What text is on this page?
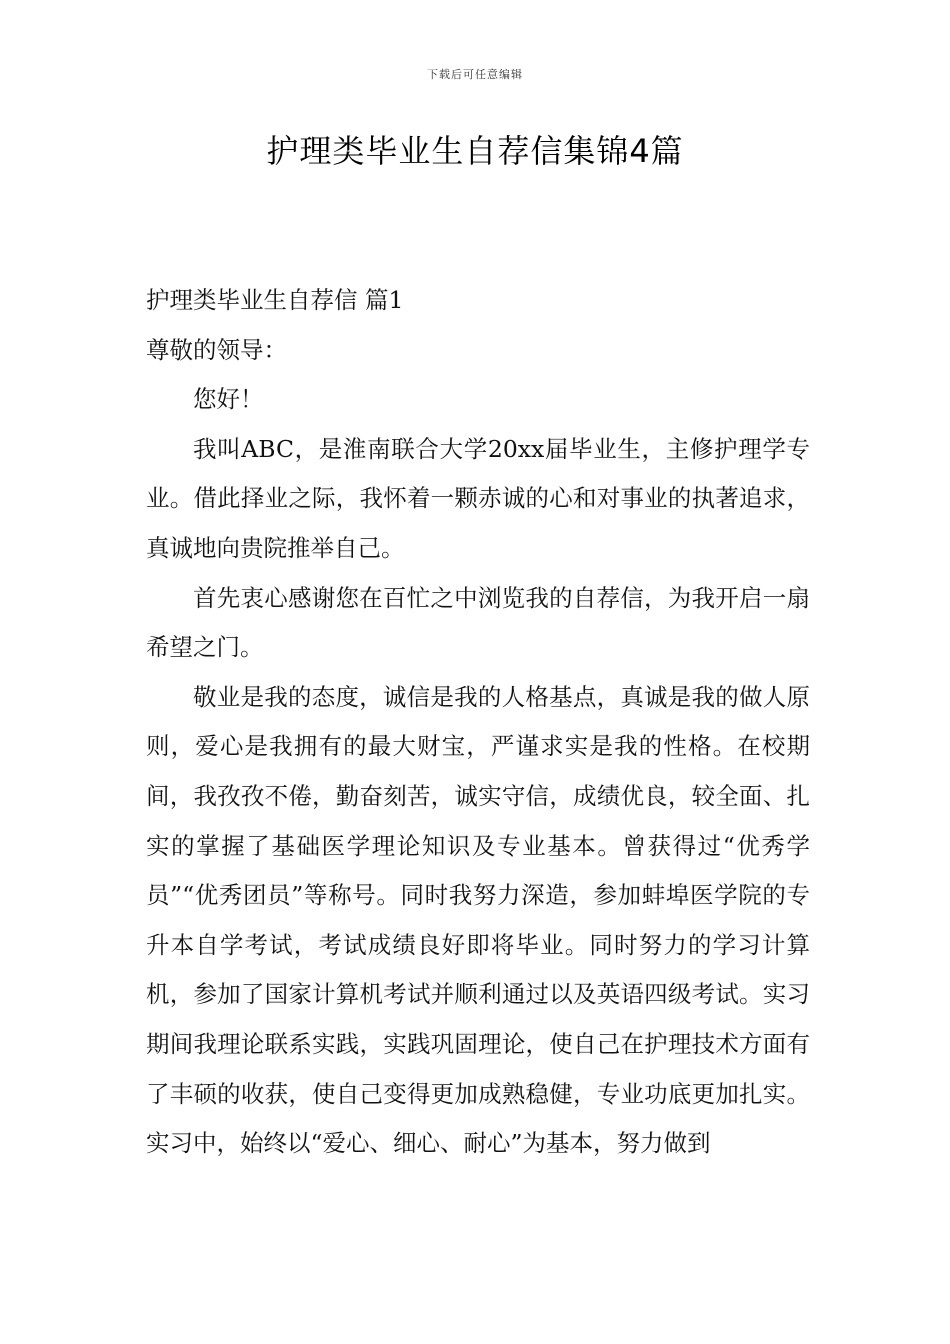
下载后可任意编辑
护理类毕业生自荐信集锦4篇

护理类毕业生自荐信 篇1

尊敬的领导：

您好！

我叫ABC，是淮南联合大学20xx届毕业生，主修护理学专业。借此择业之际，我怀着一颗赤诚的心和对事业的执著追求，真诚地向贵院推举自己。

首先衷心感谢您在百忙之中浏览我的自荐信，为我开启一扇希望之门。

敬业是我的态度，诚信是我的人格基点，真诚是我的做人原则，爱心是我拥有的最大财宝，严谨求实是我的性格。在校期间，我孜孜不倦，勤奋刻苦，诚实守信，成绩优良，较全面、扎实的掌握了基础医学理论知识及专业基本。曾获得过“优秀学员”“优秀团员”等称号。同时我努力深造，参加蚌埠医学院的专升本自学考试，考试成绩良好即将毕业。同时努力的学习计算机，参加了国家计算机考试并顺利通过以及英语四级考试。实习期间我理论联系实践，实践巩固理论，使自己在护理技术方面有了丰硕的收获，使自己变得更加成熟稳健，专业功底更加扎实。实习中，始终以“爱心、细心、耐心”为基本，努力做到
